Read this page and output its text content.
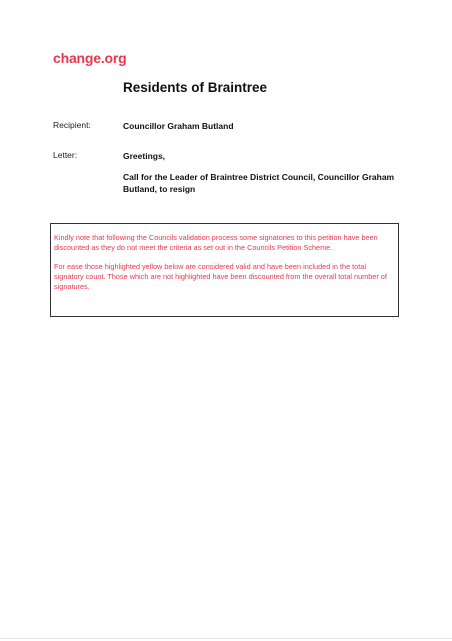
change.org
Residents of Braintree
Recipient:	Councillor Graham Butland
Letter:	Greetings,
Call for the Leader of Braintree District Council, Councillor Graham Butland, to resign

Kindly note that following the Councils validation process some signatories to this petition have been discounted as they do not meet the criteria as set out in the Councils Petition Scheme.

For ease those highlighted yellow below are considered valid and have been included in the total signatory count. Those which are not highlighted have been discounted from the overall total number of signatures.
